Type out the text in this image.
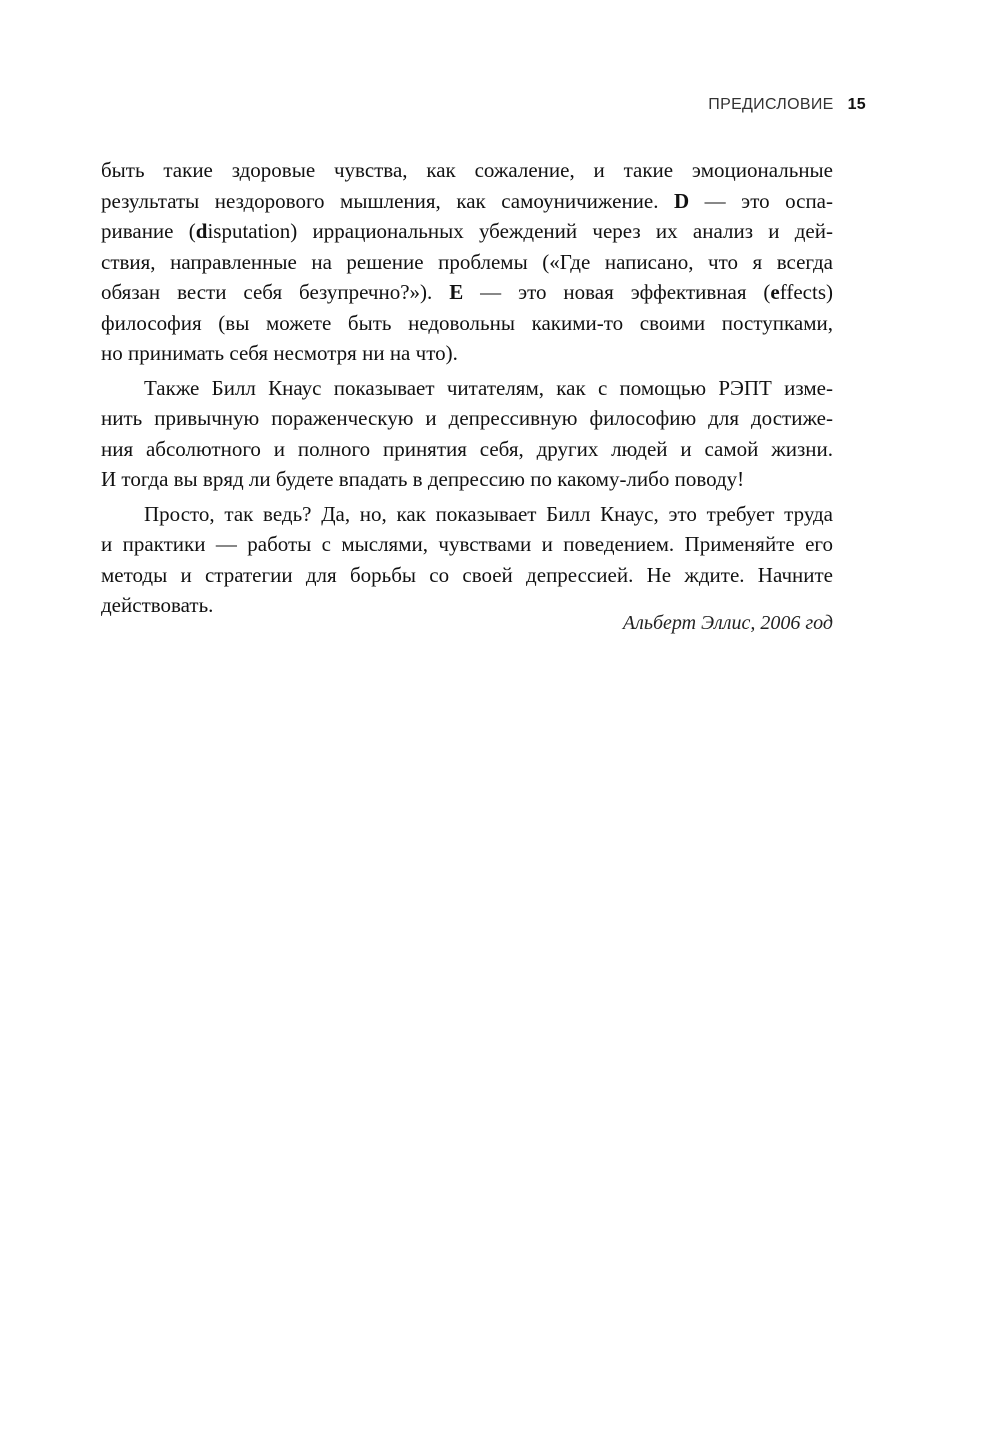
ПРЕДИСЛОВИЕ 15
быть такие здоровые чувства, как сожаление, и такие эмоциональные
результаты нездорового мышления, как самоуничижение. D — это оспа-
ривание (disputation) иррациональных убеждений через их анализ и дей-
ствия, направленные на решение проблемы («Где написано, что я всегда
обязан вести себя безупречно?»). E — это новая эффективная (effects)
философия (вы можете быть недовольны какими-то своими поступками,
но принимать себя несмотря ни на что).
Также Билл Кнаус показывает читателям, как с помощью РЭПТ изме-
нить привычную пораженческую и депрессивную философию для достиже-
ния абсолютного и полного принятия себя, других людей и самой жизни.
И тогда вы вряд ли будете впадать в депрессию по какому-либо поводу!
Просто, так ведь? Да, но, как показывает Билл Кнаус, это требует труда
и практики — работы с мыслями, чувствами и поведением. Применяйте его
методы и стратегии для борьбы со своей депрессией. Не ждите. Начните
действовать.
Альберт Эллис, 2006 год
